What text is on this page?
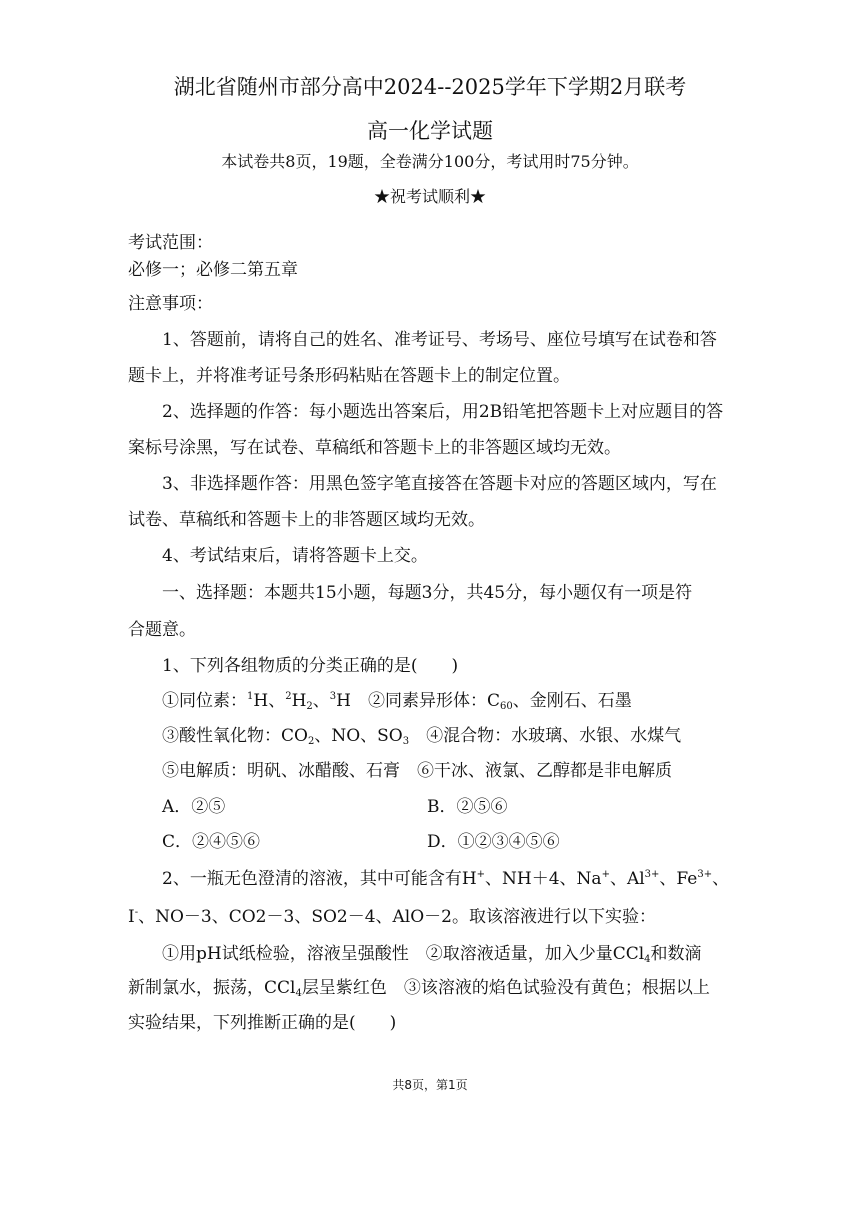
湖北省随州市部分高中2024--2025学年下学期2月联考
高一化学试题
本试卷共8页，19题，全卷满分100分，考试用时75分钟。
★祝考试顺利★
考试范围：
必修一；必修二第五章
注意事项：
1、答题前，请将自己的姓名、准考证号、考场号、座位号填写在试卷和答
题卡上，并将准考证号条形码粘贴在答题卡上的制定位置。
2、选择题的作答：每小题选出答案后，用2B铅笔把答题卡上对应题目的答
案标号涂黑，写在试卷、草稿纸和答题卡上的非答题区域均无效。
3、非选择题作答：用黑色签字笔直接答在答题卡对应的答题区域内，写在
试卷、草稿纸和答题卡上的非答题区域均无效。
4、考试结束后，请将答题卡上交。
一、选择题：本题共15小题，每题3分，共45分，每小题仅有一项是符
合题意。
1、下列各组物质的分类正确的是(　　)
①同位素：$^1$H、$^2H_2$、$^3$H　②同素异形体：$C_{60}$、金刚石、石墨
③酸性氧化物：$CO_2$、NO、$SO_3$　④混合物：水玻璃、水银、水煤气
⑤电解质：明矾、冰醋酸、石膏　⑥干冰、液氯、乙醇都是非电解质
A．②⑤	B．②⑤⑥
C．②④⑤⑥	D．①②③④⑤⑥
2、一瓶无色澄清的溶液，其中可能含有H+、NH＋4、Na+、$Al^{3+}$、$Fe^{3+}$、
I-、NO－3、CO2－3、SO2－4、AlO－2。取该溶液进行以下实验：
①用pH试纸检验，溶液呈强酸性　②取溶液适量，加入少量CCl$_4$和数滴
新制氯水，振荡，CCl$_4$层呈紫红色　③该溶液的焰色试验没有黄色；根据以上
实验结果，下列推断正确的是(　　)
共8页，第1页
